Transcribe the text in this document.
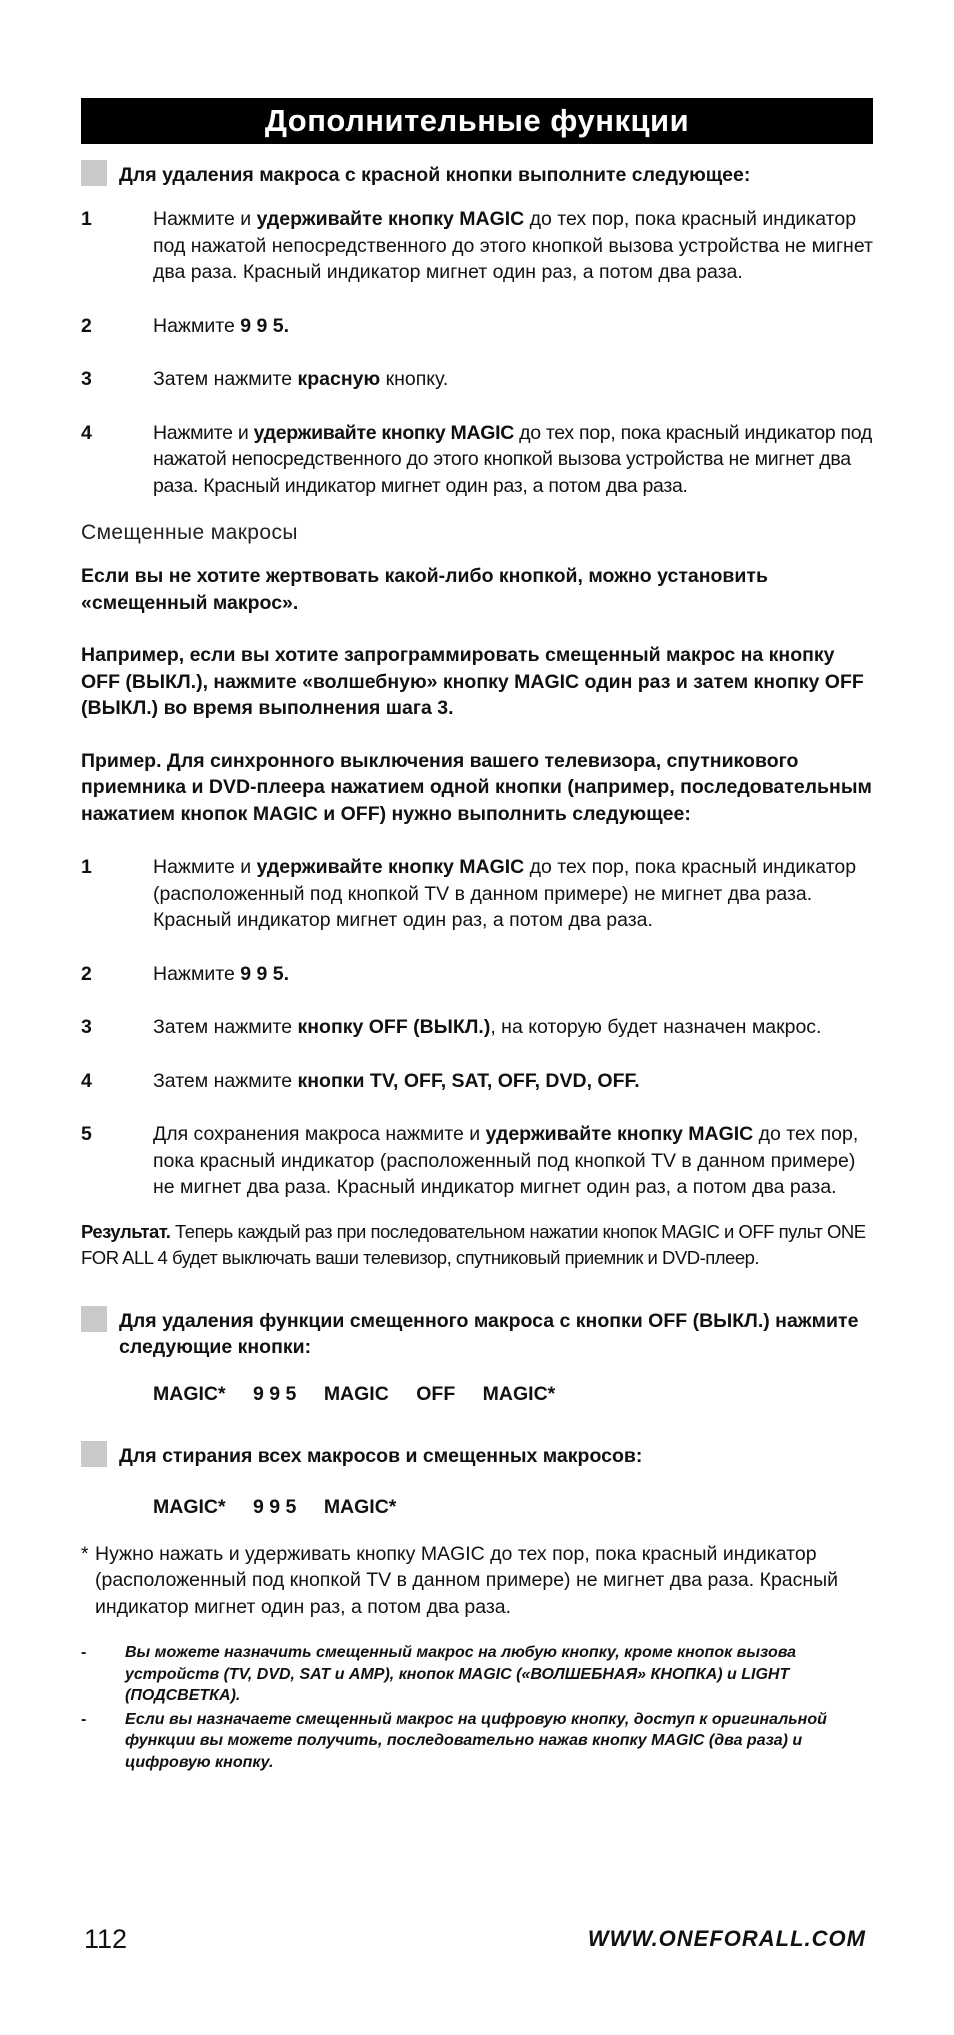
Дополнительные функции
Для удаления макроса с красной кнопки выполните следующее:
1	Нажмите и удерживайте кнопку MAGIC до тех пор, пока красный индикатор под нажатой непосредственного до этого кнопкой вызова устройства не мигнет два раза. Красный индикатор мигнет один раз, а потом два раза.
2	Нажмите 9 9 5.
3	Затем нажмите красную кнопку.
4	Нажмите и удерживайте кнопку MAGIC до тех пор, пока красный индикатор под нажатой непосредственного до этого кнопкой вызова устройства не мигнет два раза. Красный индикатор мигнет один раз, а потом два раза.
Смещенные макросы
Если вы не хотите жертвовать какой-либо кнопкой, можно установить «смещенный макрос».
Например, если вы хотите запрограммировать смещенный макрос на кнопку OFF (ВЫКЛ.), нажмите «волшебную» кнопку MAGIC один раз и затем кнопку OFF (ВЫКЛ.) во время выполнения шага 3.
Пример. Для синхронного выключения вашего телевизора, спутникового приемника и DVD-плеера нажатием одной кнопки (например, последовательным нажатием кнопок MAGIC и OFF) нужно выполнить следующее:
1	Нажмите и удерживайте кнопку MAGIC до тех пор, пока красный индикатор (расположенный под кнопкой TV в данном примере) не мигнет два раза. Красный индикатор мигнет один раз, а потом два раза.
2	Нажмите 9 9 5.
3	Затем нажмите кнопку OFF (ВЫКЛ.), на которую будет назначен макрос.
4	Затем нажмите кнопки TV, OFF, SAT, OFF, DVD, OFF.
5	Для сохранения макроса нажмите и удерживайте кнопку MAGIC до тех пор, пока красный индикатор (расположенный под кнопкой TV в данном примере) не мигнет два раза. Красный индикатор мигнет один раз, а потом два раза.
Результат. Теперь каждый раз при последовательном нажатии кнопок MAGIC и OFF пульт ONE FOR ALL 4 будет выключать ваши телевизор, спутниковый приемник и DVD-плеер.
Для удаления функции смещенного макроса с кнопки OFF (ВЫКЛ.) нажмите следующие кнопки:
MAGIC* 9 9 5 MAGIC OFF MAGIC*
Для стирания всех макросов и смещенных макросов:
MAGIC* 9 9 5 MAGIC*
* Нужно нажать и удерживать кнопку MAGIC до тех пор, пока красный индикатор (расположенный под кнопкой TV в данном примере) не мигнет два раза. Красный индикатор мигнет один раз, а потом два раза.
-	Вы можете назначить смещенный макрос на любую кнопку, кроме кнопок вызова устройств (TV, DVD, SAT и AMP), кнопок MAGIC («ВОЛШЕБНАЯ» КНОПКА) и LIGHT (ПОДСВЕТКА).
-	Если вы назначаете смещенный макрос на цифровую кнопку, доступ к оригинальной функции вы можете получить, последовательно нажав кнопку MAGIC (два раза) и цифровую кнопку.
112	WWW.ONEFORALL.COM
